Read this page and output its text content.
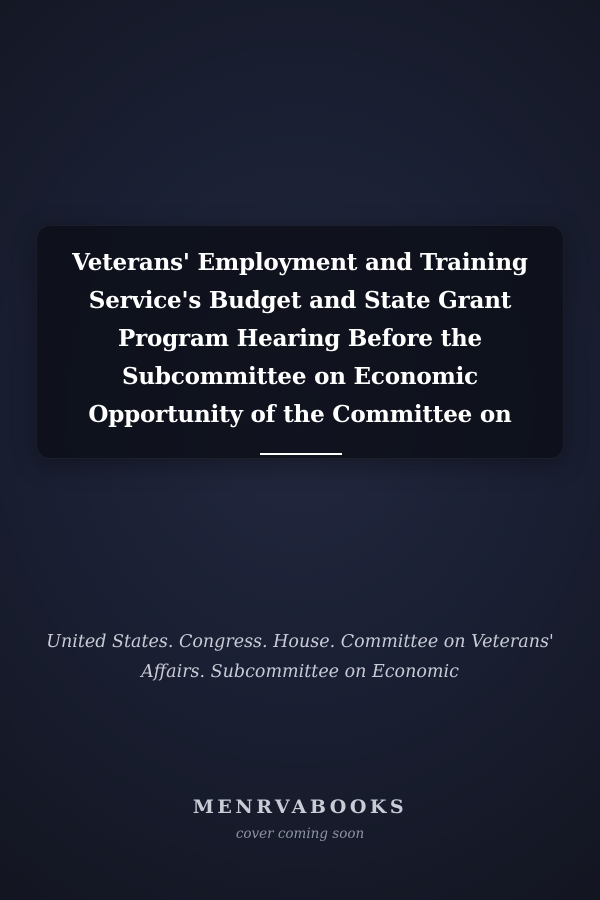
Veterans' Employment and Training Service's Budget and State Grant Program Hearing Before the Subcommittee on Economic Opportunity of the Committee on

United States. Congress. House. Committee on Veterans' Affairs. Subcommittee on Economic

MENRVABOOKS
cover coming soon
